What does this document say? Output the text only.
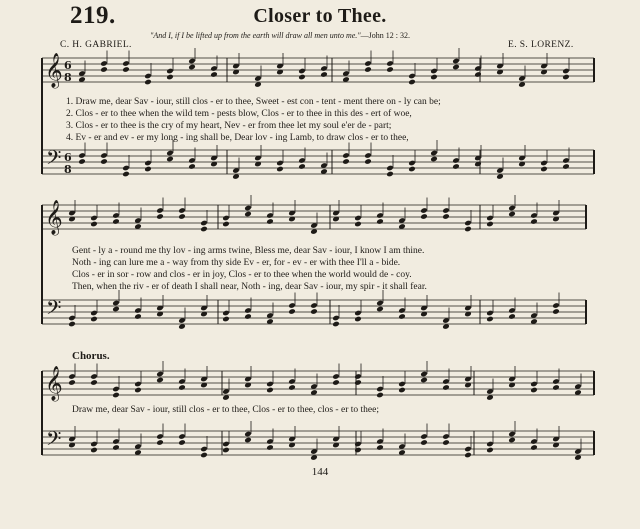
219.	Closer to Thee.
"And I, if I be lifted up from the earth will draw all men unto me."—John 12 : 32.
C. H. GABRIEL.	E. S. LORENZ.
𝄞
𝄢
6
8
6
8
𝄞
𝄢
𝄞
𝄢
1. Draw me, dear Sav - iour, still clos - er to thee, Sweet - est con - tent - ment there on - ly can be;
2. Clos - er to thee when the wild tem - pests blow, Clos - er to thee in this des - ert of woe,
3. Clos - er to thee is the cry of my heart, Nev - er from thee let my soul e'er de - part;
4. Ev - er and ev - er my long - ing shall be, Dear lov - ing Lamb, to draw clos - er to thee,
Gent - ly a - round me thy lov - ing arms twine, Bless me, dear Sav - iour, I know I am thine.
Noth - ing can lure me a - way from thy side Ev - er, for - ev - er with thee I'll a - bide.
Clos - er in sor - row and clos - er in joy, Clos - er to thee when the world would de - coy.
Then, when the riv - er of death I shall near, Noth - ing, dear Sav - iour, my spir - it shall fear.
Chorus.
Draw me, dear Sav - iour, still clos - er to thee, Clos - er to thee, clos - er to thee;
144
